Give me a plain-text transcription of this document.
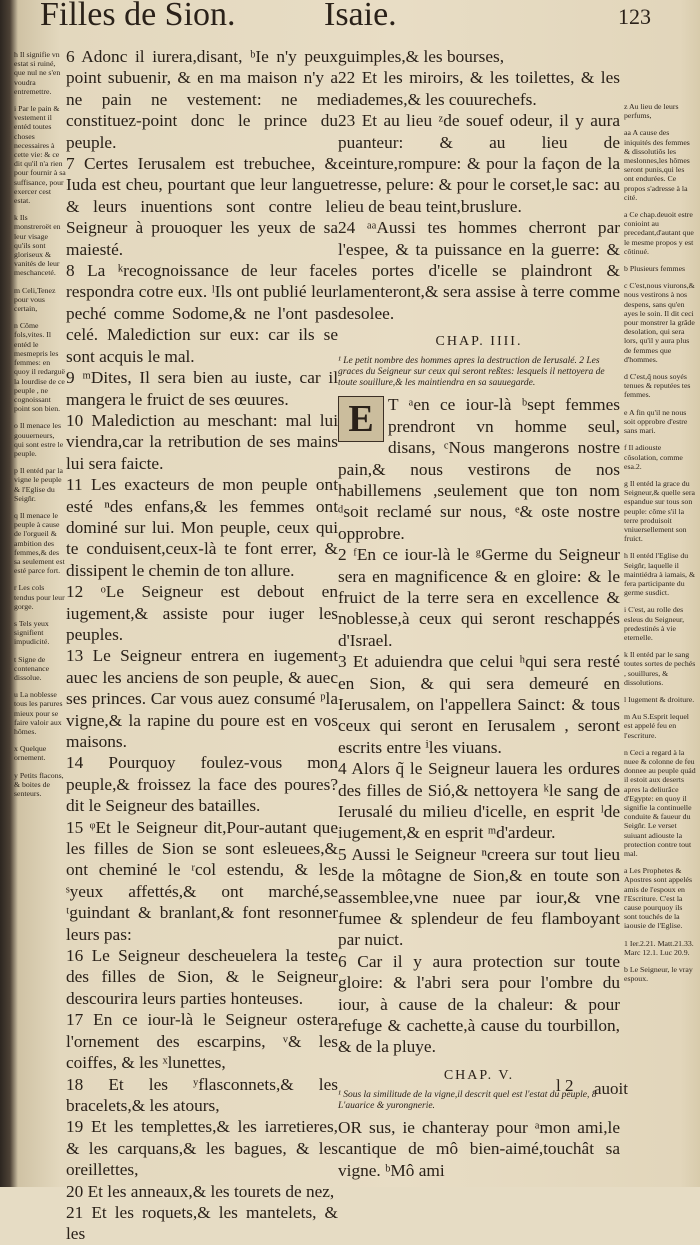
Filles de Sion.	Isaie.	123

h Il signifie vn estat si ruiné, que nul ne s'en voudra entremettre.

i Par le pain & vestement il entéd toutes choses necessaires à cette vie: & ce dit qu'il n'a rien pour fournir à sa suffisance, pour exercer cest estat.

k Ils monstreroët en leur visage qu'ils sont gloriseux & vanités de leur meschanceté.

m Celi,Tenez pour vous certain,

n Côme fols,vites. Il entéd le mesmepris les femmes: en quoy il redarguë la lourdise de ce peuple , ne cognoissant point son bien.

o Il menace les gouuerneurs, qui sont estre le peuple.

p Il entéd par la vigne le peuple & l'Eglise du Seigñr.

q Il menace le peuple à cause de l'orgueil & ambition des femmes,& des sa seulement est esté parce fort.

r Les cols tendus pour leur gorge.

s Tels yeux signifient impudicité.

t Signe de contenance dissolue.

u La noblesse tous les parures mieux pour se faire valoir aux hômes.

x Quelque ornement.

y Petits flacons, & boites de senteurs.

6 Adonc il iurera,disant, ᵇIe n'y peux point subuenir, & en ma maison n'y a ne pain ne vestement: ne me constituez-point donc le prince du peuple.

7 Certes Ierusalem est trebuchee, & Iuda est cheu, pourtant que leur langue & leurs inuentions sont contre le Seigneur à prouoquer les yeux de sa maiesté.

8 La ᵏrecognoissance de leur face respondra cotre eux. ˡIls ont publié leur peché comme Sodome,& ne l'ont pas celé. Malediction sur eux: car ils se sont acquis le mal.

9 ᵐDites, Il sera bien au iuste, car il mangera le fruict de ses œuures.

10 Malediction au meschant: mal lui viendra,car la retribution de ses mains lui sera faicte.

11 Les exacteurs de mon peuple ont esté ⁿdes enfans,& les femmes ont dominé sur lui. Mon peuple, ceux qui te conduisent,ceux-là te font errer, & dissipent le chemin de ton allure.

12 ᵒLe Seigneur est debout en iugement,& assiste pour iuger les peuples.

13 Le Seigneur entrera en iugement auec les anciens de son peuple, & auec ses princes. Car vous auez consumé ᵖla vigne,& la rapine du poure est en vos maisons.

14 Pourquoy foulez-vous mon peuple,& froissez la face des poures? dit le Seigneur des batailles.

15 ᵠEt le Seigneur dit,Pour-autant que les filles de Sion se sont esleuees,& ont cheminé le ʳcol estendu, & les ˢyeux affettés,& ont marché,se ᵗguindant & branlant,& font resonner leurs pas:

16 Le Seigneur descheuelera la teste des filles de Sion, & le Seigneur descourira leurs parties honteuses.

17 En ce iour-là le Seigneur ostera l'ornement des escarpins, ᵛ& les coiffes, & les ˣlunettes,

18 Et les ʸflasconnets,& les bracelets,& les atours,

19 Et les templettes,& les iarretieres, & les carquans,& les bagues, & les oreillettes,

20 Et les anneaux,& les tourets de nez,

21 Et les roquets,& les mantelets, & les

guimples,& les bourses,

22 Et les miroirs, & les toilettes, & les diademes,& les couurechefs.

23 Et au lieu ᶻde souef odeur, il y aura puanteur: & au lieu de ceinture,rompure: & pour la façon de la tresse, pelure: & pour le corset,le sac: au lieu de beau teint,bruslure.

24 ᵃᵃAussi tes hommes cherront par l'espee, & ta puissance en la guerre: & les portes d'icelle se plaindront & lamenteront,& sera assise à terre comme desolee.

CHAP. IIII.

¹ Le petit nombre des hommes apres la destruction de Ierusalé. 2 Les graces du Seigneur sur ceux qui seront reßtes: lesquels il nettoyera de toute souillure,& les maintiendra en sa sauuegarde.

E T ᵃen ce iour-là ᵇsept femmes prendront vn homme seul, disans, ᶜNous mangerons nostre pain,& nous vestirons de nos habillemens ,seulement que ton nom ᵈsoit reclamé sur nous, ᵉ& oste nostre opprobre.

2 ᶠEn ce iour-là le ᵍGerme du Seigneur sera en magnificence & en gloire: & le fruict de la terre sera en excellence & noblesse,à ceux qui seront reschappés d'Israel.

3 Et aduiendra que celui ʰqui sera resté en Sion, & qui sera demeuré en Ierusalem, on l'appellera Sainct: & tous ceux qui seront en Ierusalem , seront escrits entre ⁱles viuans.

4 Alors q̃ le Seigneur lauera les ordures des filles de Sió,& nettoyera ᵏle sang de Ierusalé du milieu d'icelle, en esprit ˡde iugement,& en esprit ᵐd'ardeur.

5 Aussi le Seigneur ⁿcreera sur tout lieu de la môtagne de Sion,& en toute son assemblee,vne nuee par iour,& vne fumee & splendeur de feu flamboyant par nuict.

6 Car il y aura protection sur toute gloire: & l'abri sera pour l'ombre du iour, à cause de la chaleur: & pour refuge & cachette,à cause du tourbillon, & de la pluye.

CHAP. V.

¹ Sous la similitude de la vigne,il descrit quel est l'estat du peuple, 8 L'auarice & yurongnerie.

OR sus, ie chanteray pour ᵃmon ami,le cantique de mô bien-aimé,touchât sa vigne. ᵇMô ami

z Au lieu de leurs perfums,

aa A cause des iniquités des femmes & dissolutiôs les meslonnes,les hômes seront punis,qui les ont endurées. Ce propos s'adresse à la cité.

a Ce chap.deuoit estre conioint au precedant,d'autant que le mesme propos y est côtinué.

b Plusieurs femmes

c C'est,nous viurons,& nous vestirons à nos despens, sans qu'en ayes le soin. Il dit ceci pour monstrer la grâde desolation, qui sera lors, qu'il y aura plus de femmes que d'hommes.

d C'est,q̃ nous soyés tenues & reputées tes femmes.

e A fin qu'il ne nous soit opprobre d'estre sans mari.

f Il adiouste côsolation, comme esa.2.

g Il entéd la grace du Seigneur,& quelle sera espandue sur tous son peuple: côme s'il la terre produisoit vniuersellement son fruict.

h Il entéd l'Eglise du Seigñr, laquelle il maintiédra à iamais, & fera participante du germe susdict.

i C'est, au rolle des esleus du Seigneur, predestinés à vie eternelle.

k Il entéd par le sang toutes sortes de pechés , souillures, & dissolutions.

l Iugement & droiture.

m Au S.Esprit lequel est appelé feu en l'escriture.

n Ceci a regard à la nuee & colonne de feu donnee au peuple quád il estoit aux deserts apres la deliurâce d'Egypte: en quoy il signifie la continuelle conduite & faueur du Seigñr. Le verset suiuant adiouste la protection contre tout mal.

a Les Prophetes & Apostres sont appelés amis de l'espoux en l'Escriture. C'est la cause pourquoy ils sont touchés de la iaousie de l'Eglise.

1 Ier.2.21. Matt.21.33. Marc 12.1. Luc 20.9.

b Le Seigneur, le vray espoux.

l 2 auoit
